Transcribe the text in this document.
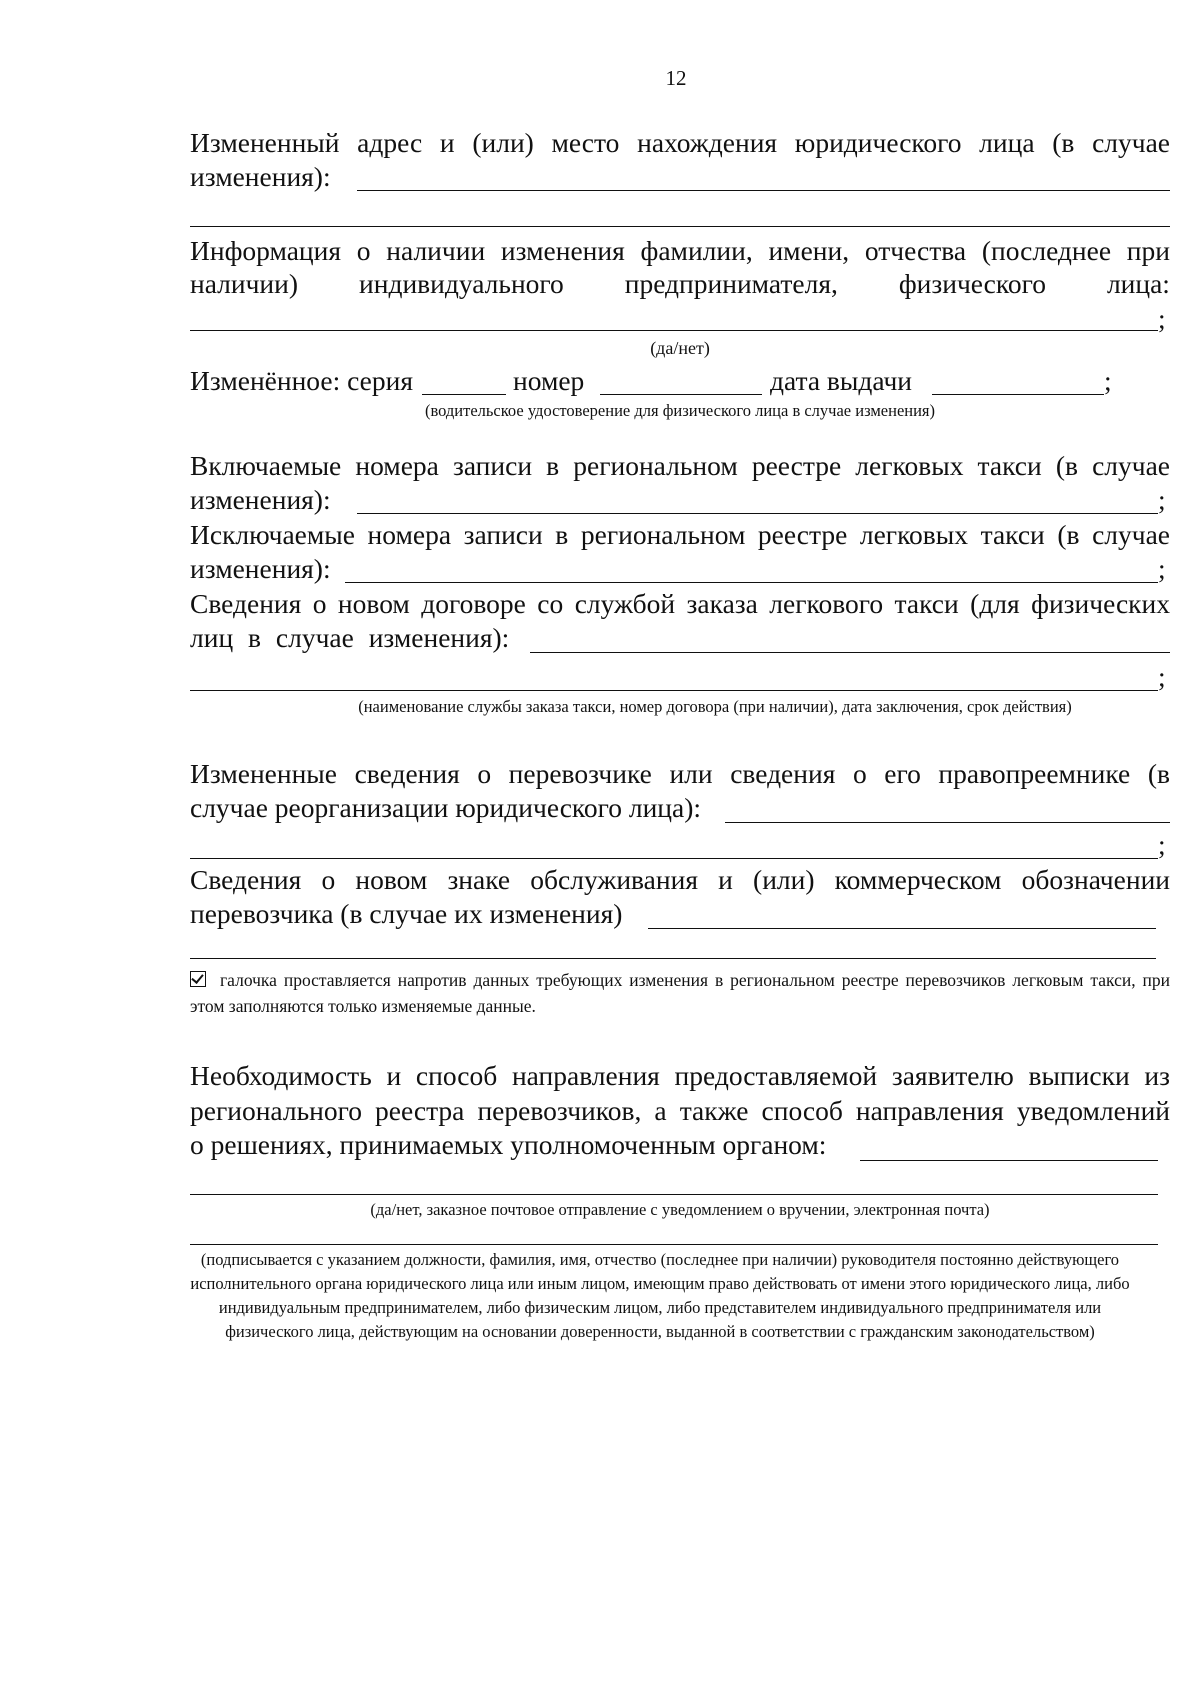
12
Измененный адрес и (или) место нахождения юридического лица (в случае
изменения):
Информация о наличии изменения фамилии, имени, отчества (последнее при
наличии) индивидуального предпринимателя, физического лица:
;
(да/нет)
Изменённое: серия	номер	дата выдачи	;
(водительское удостоверение для физического лица в случае изменения)
Включаемые номера записи в региональном реестре легковых такси (в случае
изменения):	;
Исключаемые номера записи в региональном реестре легковых такси (в случае
изменения):	;
Сведения о новом договоре со службой заказа легкового такси (для физических
лиц в случае изменения):
;
(наименование службы заказа такси, номер договора (при наличии), дата заключения, срок действия)
Измененные сведения о перевозчике или сведения о его правопреемнике (в
случае реорганизации юридического лица):
;
Сведения о новом знаке обслуживания и (или) коммерческом обозначении
перевозчика (в случае их изменения)
галочка проставляется напротив данных требующих изменения в региональном реестре перевозчиков легковым такси, при этом заполняются только изменяемые данные.
Необходимость и способ направления предоставляемой заявителю выписки из
регионального реестра перевозчиков, а также способ направления уведомлений
о решениях, принимаемых уполномоченным органом:
(да/нет, заказное почтовое отправление с уведомлением о вручении, электронная почта)
(подписывается с указанием должности, фамилия, имя, отчество (последнее при наличии) руководителя постоянно действующего исполнительного органа юридического лица или иным лицом, имеющим право действовать от имени этого юридического лица, либо индивидуальным предпринимателем, либо физическим лицом, либо представителем индивидуального предпринимателя или физического лица, действующим на основании доверенности, выданной в соответствии с гражданским законодательством)
